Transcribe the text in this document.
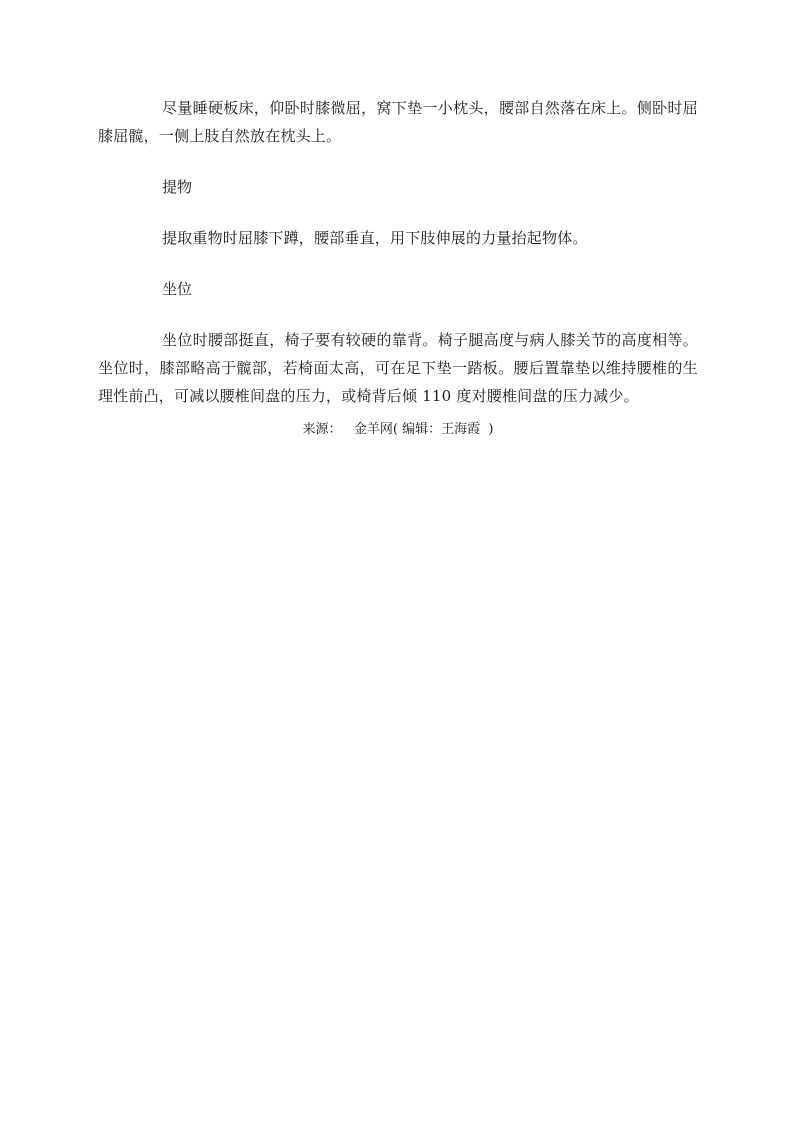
尽量睡硬板床，仰卧时膝微屈，窝下垫一小枕头，腰部自然落在床上。侧卧时屈膝屈髋，一侧上肢自然放在枕头上。

提物

提取重物时屈膝下蹲，腰部垂直，用下肢伸展的力量抬起物体。

坐位

坐位时腰部挺直，椅子要有较硬的靠背。椅子腿高度与病人膝关节的高度相等。坐位时，膝部略高于髋部，若椅面太高，可在足下垫一踏板。腰后置靠垫以维持腰椎的生理性前凸，可减以腰椎间盘的压力，或椅背后倾 110 度对腰椎间盘的压力减少。

来源： 金羊网( 编辑：王海霞 )
